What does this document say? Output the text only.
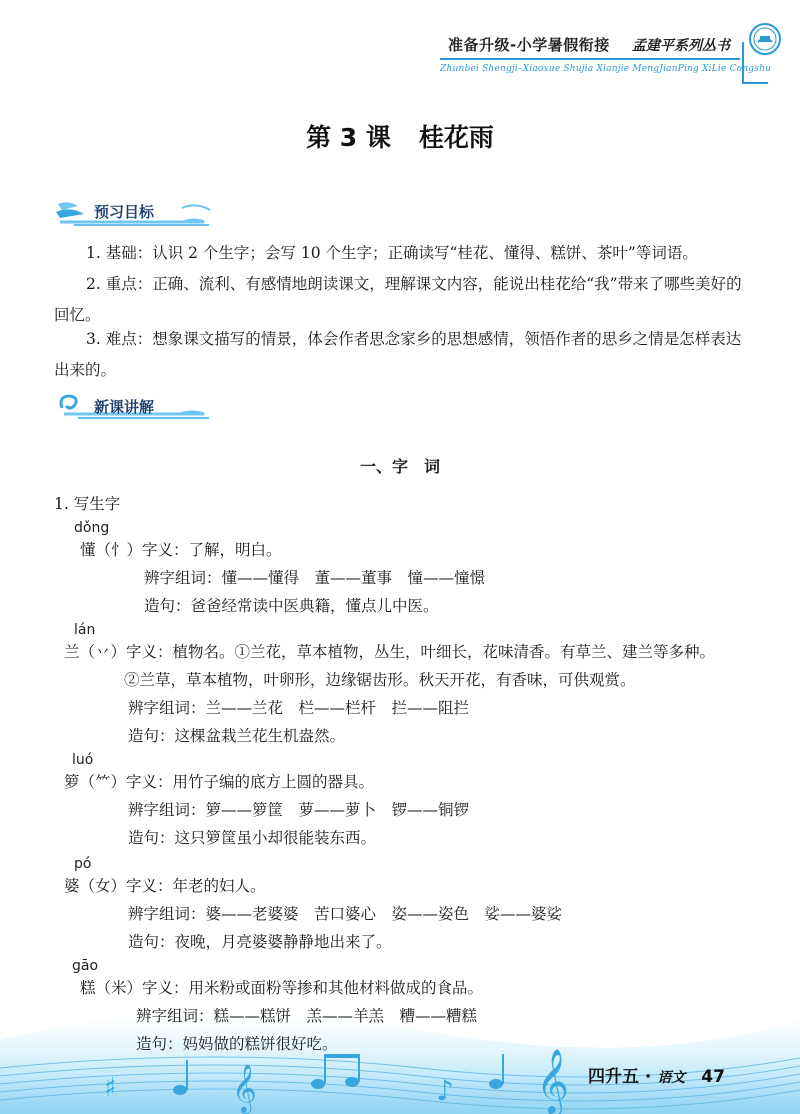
准备升级-小学暑假衔接 孟建平系列丛书
Zhunbei Shengji–Xiaoxue Shujia Xianjie MengJianPing XiLie Congshu
第 3 课 桂花雨
预习目标
1. 基础：认识 2 个生字；会写 10 个生字；正确读写“桂花、懂得、糕饼、茶叶”等词语。
2. 重点：正确、流利、有感情地朗读课文，理解课文内容，能说出桂花给“我”带来了哪些美好的回忆。
3. 难点：想象课文描写的情景，体会作者思念家乡的思想感情，领悟作者的思乡之情是怎样表达出来的。
新课讲解
一、字　词
1. 写生字
dǒng
懂（忄）字义：了解，明白。
辨字组词：懂——懂得　董——董事　憧——憧憬
造句：爸爸经常读中医典籍，懂点儿中医。
lán
兰（丷）字义：植物名。①兰花，草本植物，丛生，叶细长，花味清香。有草兰、建兰等多种。
②兰草，草本植物，叶卵形，边缘锯齿形。秋天开花，有香味，可供观赏。
辨字组词：兰——兰花　栏——栏杆　拦——阻拦
造句：这棵盆栽兰花生机盎然。
luó
箩（⺮）字义：用竹子编的底方上圆的器具。
辨字组词：箩——箩筐　萝——萝卜　锣——铜锣
造句：这只箩筐虽小却很能装东西。
pó
婆（女）字义：年老的妇人。
辨字组词：婆——老婆婆　苦口婆心　姿——姿色　娑——婆娑
造句：夜晚，月亮婆婆静静地出来了。
♯	𝄞	𝄞
♪
gāo
糕（米）字义：用米粉或面粉等掺和其他材料做成的食品。
辨字组词：糕——糕饼　羔——羊羔　糟——糟糕
造句：妈妈做的糕饼很好吃。
四升五 · 语文 47
